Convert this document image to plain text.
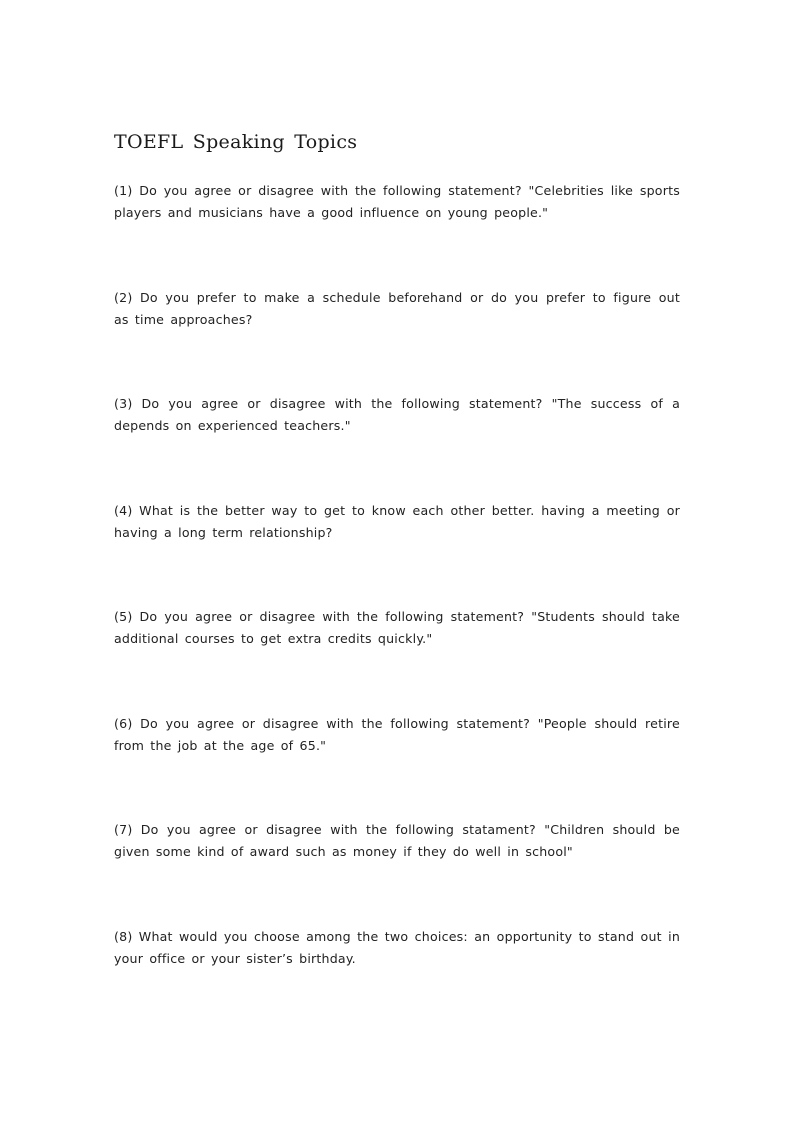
TOEFL Speaking Topics

(1) Do you agree or disagree with the following statement? "Celebrities like sports players and musicians have a good influence on young people."

(2) Do you prefer to make a schedule beforehand or do you prefer to figure out as time approaches?

(3) Do you agree or disagree with the following statement? "The success of a depends on experienced teachers."

(4) What is the better way to get to know each other better. having a meeting or having a long term relationship?

(5) Do you agree or disagree with the following statement? "Students should take additional courses to get extra credits quickly."

(6) Do you agree or disagree with the following statement? "People should retire from the job at the age of 65."

(7) Do you agree or disagree with the following statament? "Children should be given some kind of award such as money if they do well in school"

(8) What would you choose among the two choices: an opportunity to stand out in your office or your sister’s birthday.
